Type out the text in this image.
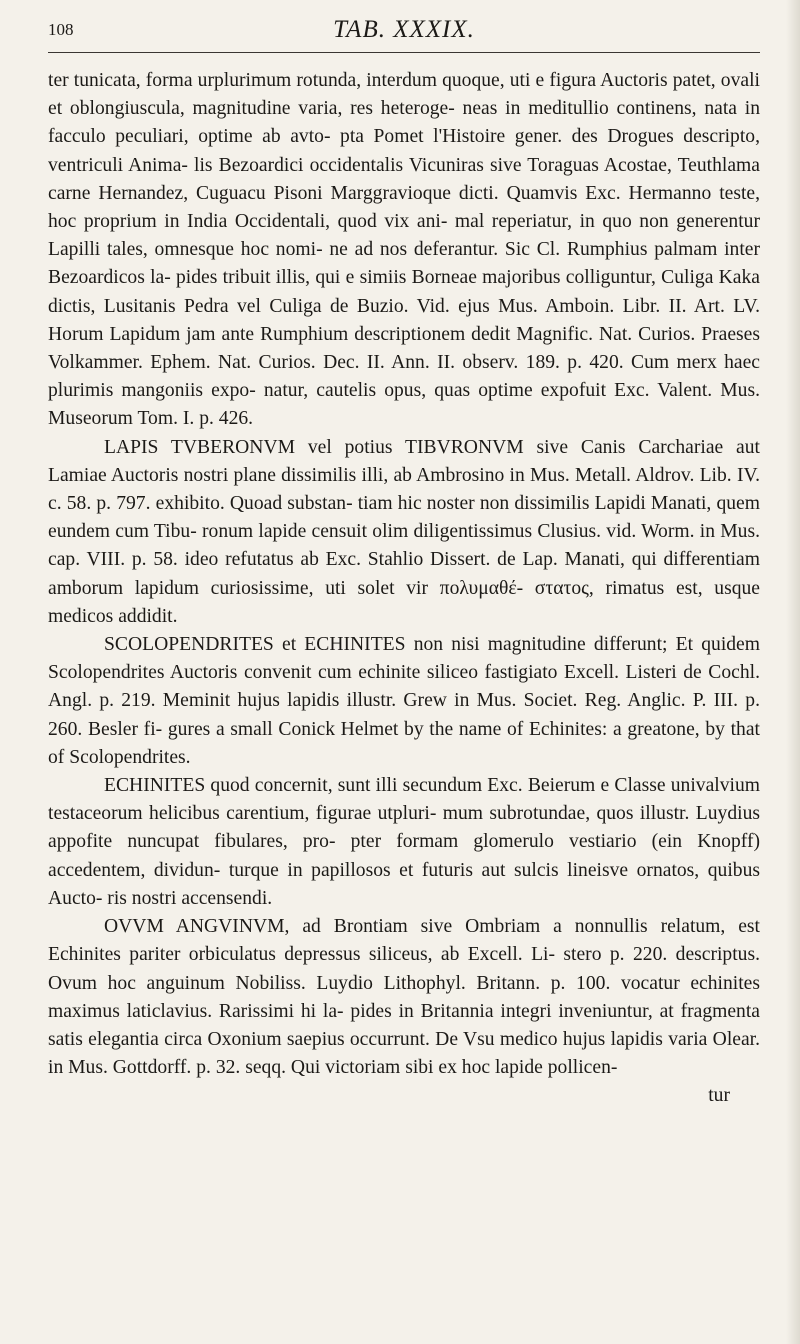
108	TAB. XXXIX.

ter tunicata, forma urplurimum rotunda, interdum quoque, uti e figura Auctoris patet, ovali et oblongiuscula, magnitudine varia, res heteroge- neas in meditullio continens, nata in facculo peculiari, optime ab avto- pta Pomet l'Histoire gener. des Drogues descripto, ventriculi Anima- lis Bezoardici occidentalis Vicuniras sive Toraguas Acostae, Teuthlama carne Hernandez, Cuguacu Pisoni Marggravioque dicti. Quamvis Exc. Hermanno teste, hoc proprium in India Occidentali, quod vix ani- mal reperiatur, in quo non generentur Lapilli tales, omnesque hoc nomi- ne ad nos deferantur. Sic Cl. Rumphius palmam inter Bezoardicos la- pides tribuit illis, qui e simiis Borneae majoribus colliguntur, Culiga Kaka dictis, Lusitanis Pedra vel Culiga de Buzio. Vid. ejus Mus. Amboin. Libr. II. Art. LV. Horum Lapidum jam ante Rumphium descriptionem dedit Magnific. Nat. Curios. Praeses Volkammer. Ephem. Nat. Curios. Dec. II. Ann. II. observ. 189. p. 420. Cum merx haec plurimis mangoniis expo- natur, cautelis opus, quas optime expofuit Exc. Valent. Mus. Museorum Tom. I. p. 426.

LAPIS TVBERONVM vel potius TIBVRONVM sive Canis Carchariae aut Lamiae Auctoris nostri plane dissimilis illi, ab Ambrosino in Mus. Metall. Aldrov. Lib. IV. c. 58. p. 797. exhibito. Quoad substan- tiam hic noster non dissimilis Lapidi Manati, quem eundem cum Tibu- ronum lapide censuit olim diligentissimus Clusius. vid. Worm. in Mus. cap. VIII. p. 58. ideo refutatus ab Exc. Stahlio Dissert. de Lap. Manati, qui differentiam amborum lapidum curiosissime, uti solet vir πολυμαθέ- στατος, rimatus est, usque medicos addidit.

SCOLOPENDRITES et ECHINITES non nisi magnitudine differunt; Et quidem Scolopendrites Auctoris convenit cum echinite siliceo fastigiato Excell. Listeri de Cochl. Angl. p. 219. Meminit hujus lapidis illustr. Grew in Mus. Societ. Reg. Anglic. P. III. p. 260. Besler fi- gures a small Conick Helmet by the name of Echinites: a greatone, by that of Scolopendrites.

ECHINITES quod concernit, sunt illi secundum Exc. Beierum e Classe univalvium testaceorum helicibus carentium, figurae utpluri- mum subrotundae, quos illustr. Luydius appofite nuncupat fibulares, pro- pter formam glomerulo vestiario (ein Knopff) accedentem, dividun- turque in papillosos et futuris aut sulcis lineisve ornatos, quibus Aucto- ris nostri accensendi.

OVVM ANGVINVM, ad Brontiam sive Ombriam a nonnullis relatum, est Echinites pariter orbiculatus depressus siliceus, ab Excell. Li- stero p. 220. descriptus. Ovum hoc anguinum Nobiliss. Luydio Lithophyl. Britann. p. 100. vocatur echinites maximus laticlavius. Rarissimi hi la- pides in Britannia integri inveniuntur, at fragmenta satis elegantia circa Oxonium saepius occurrunt. De Vsu medico hujus lapidis varia Olear. in Mus. Gottdorff. p. 32. seqq. Qui victoriam sibi ex hoc lapide pollicen-

tur
